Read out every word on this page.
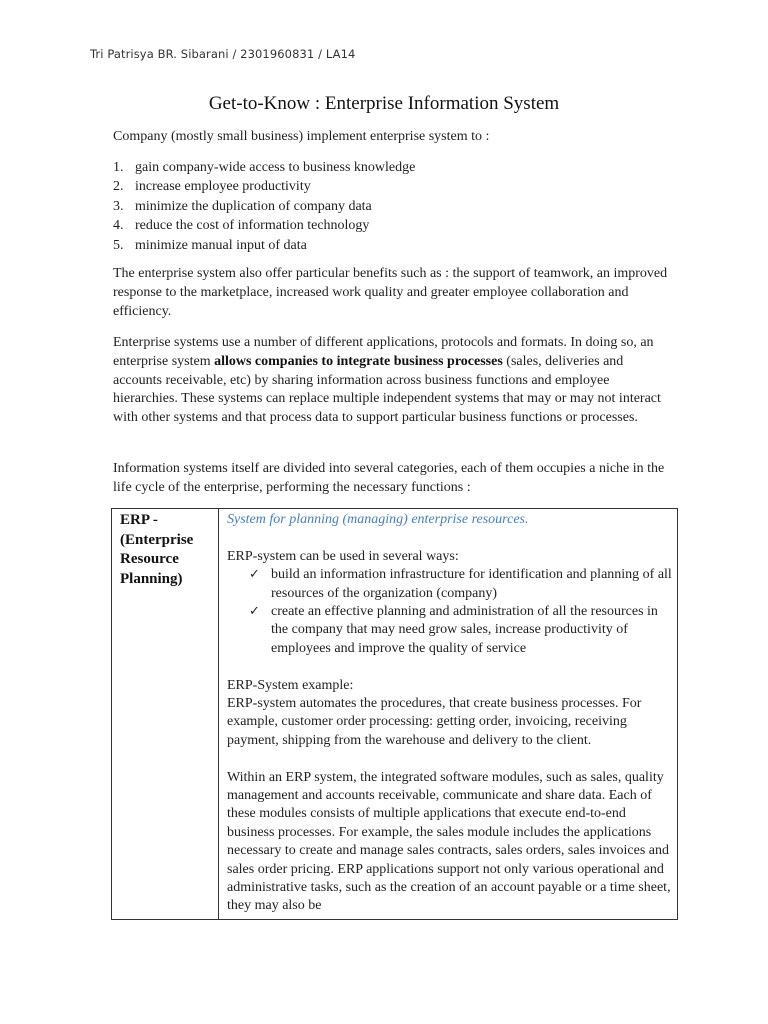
Tri Patrisya BR. Sibarani / 2301960831 / LA14
Get-to-Know : Enterprise Information System
Company (mostly small business) implement enterprise system to :
1. gain company-wide access to business knowledge
2. increase employee productivity
3. minimize the duplication of company data
4. reduce the cost of information technology
5. minimize manual input of data
The enterprise system also offer particular benefits such as : the support of teamwork, an improved response to the marketplace, increased work quality and greater employee collaboration and efficiency.
Enterprise systems use a number of different applications, protocols and formats. In doing so, an enterprise system allows companies to integrate business processes (sales, deliveries and accounts receivable, etc) by sharing information across business functions and employee hierarchies. These systems can replace multiple independent systems that may or may not interact with other systems and that process data to support particular business functions or processes.
Information systems itself are divided into several categories, each of them occupies a niche in the life cycle of the enterprise, performing the necessary functions :
ERP - (Enterprise Resource Planning)
System for planning (managing) enterprise resources.
ERP-system can be used in several ways:
✓ build an information infrastructure for identification and planning of all resources of the organization (company)
✓ create an effective planning and administration of all the resources in the company that may need grow sales, increase productivity of employees and improve the quality of service
ERP-System example:
ERP-system automates the procedures, that create business processes. For example, customer order processing: getting order, invoicing, receiving payment, shipping from the warehouse and delivery to the client.
Within an ERP system, the integrated software modules, such as sales, quality management and accounts receivable, communicate and share data. Each of these modules consists of multiple applications that execute end-to-end business processes. For example, the sales module includes the applications necessary to create and manage sales contracts, sales orders, sales invoices and sales order pricing. ERP applications support not only various operational and administrative tasks, such as the creation of an account payable or a time sheet, they may also be
